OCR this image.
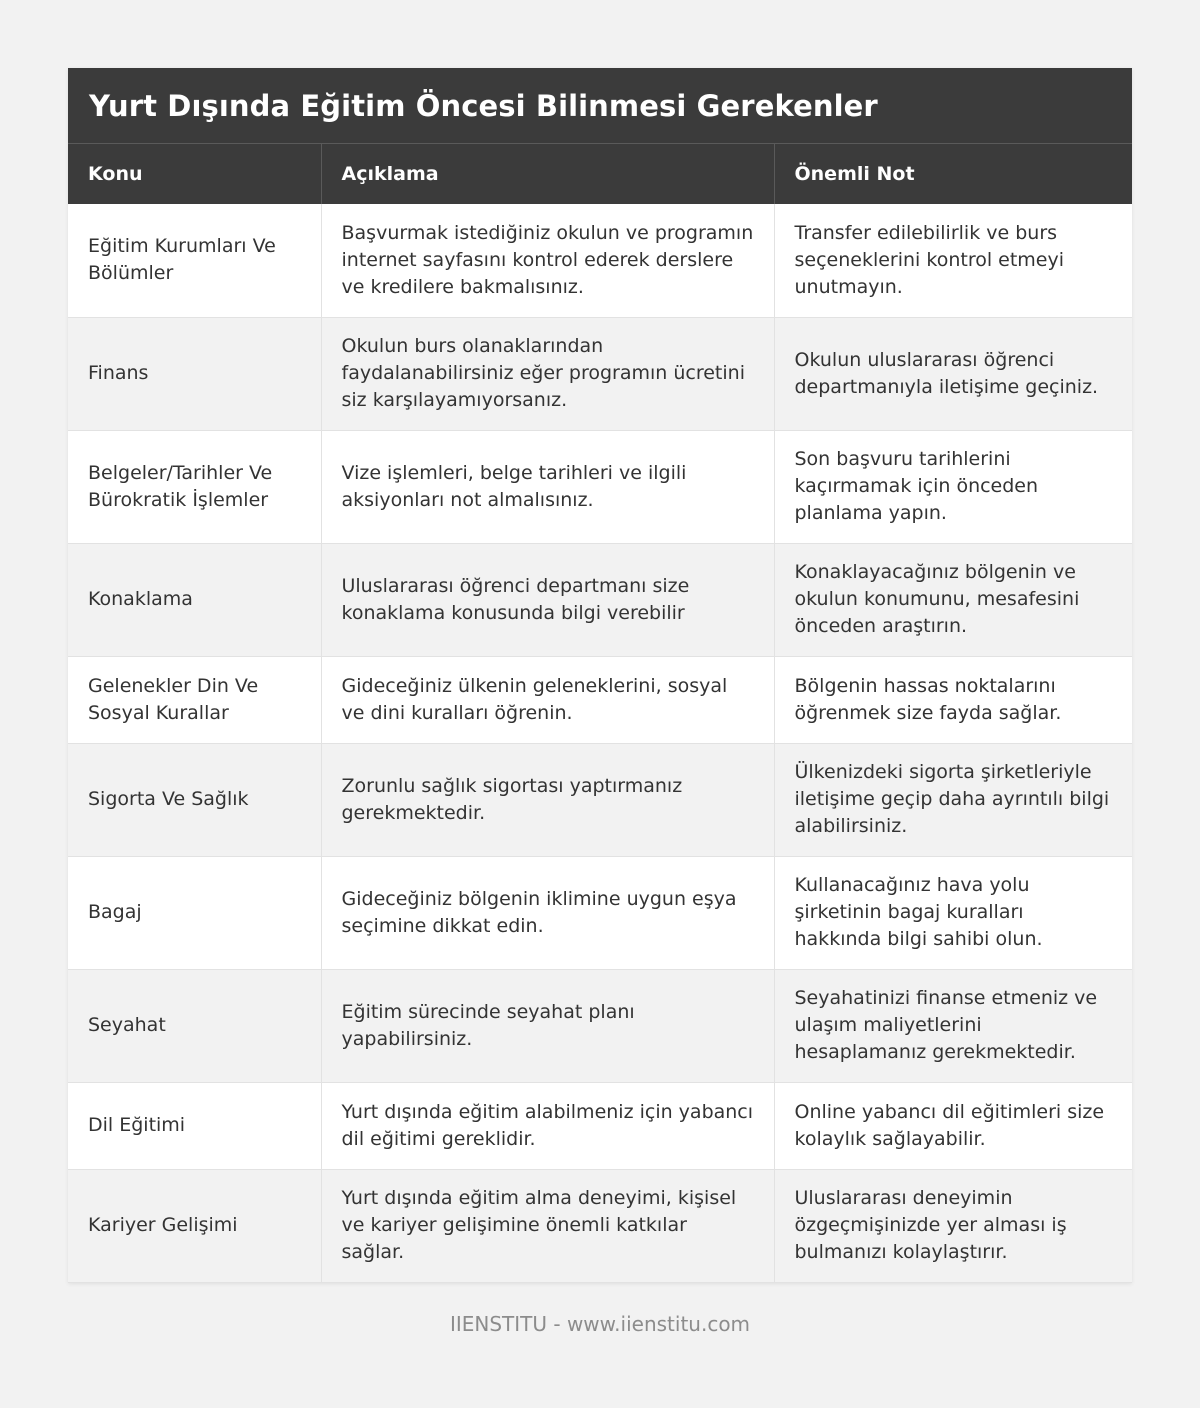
Yurt Dışında Eğitim Öncesi Bilinmesi Gerekenler
Konu	Açıklama	Önemli Not
Eğitim Kurumları Ve Bölümler	Başvurmak istediğiniz okulun ve programın internet sayfasını kontrol ederek derslere ve kredilere bakmalısınız.	Transfer edilebilirlik ve burs seçeneklerini kontrol etmeyi unutmayın.
Finans	Okulun burs olanaklarından faydalanabilirsiniz eğer programın ücretini siz karşılayamıyorsanız.	Okulun uluslararası öğrenci departmanıyla iletişime geçiniz.
Belgeler/Tarihler Ve Bürokratik İşlemler	Vize işlemleri, belge tarihleri ve ilgili aksiyonları not almalısınız.	Son başvuru tarihlerini kaçırmamak için önceden planlama yapın.
Konaklama	Uluslararası öğrenci departmanı size konaklama konusunda bilgi verebilir	Konaklayacağınız bölgenin ve okulun konumunu, mesafesini önceden araştırın.
Gelenekler Din Ve Sosyal Kurallar	Gideceğiniz ülkenin geleneklerini, sosyal ve dini kuralları öğrenin.	Bölgenin hassas noktalarını öğrenmek size fayda sağlar.
Sigorta Ve Sağlık	Zorunlu sağlık sigortası yaptırmanız gerekmektedir.	Ülkenizdeki sigorta şirketleriyle iletişime geçip daha ayrıntılı bilgi alabilirsiniz.
Bagaj	Gideceğiniz bölgenin iklimine uygun eşya seçimine dikkat edin.	Kullanacağınız hava yolu şirketinin bagaj kuralları hakkında bilgi sahibi olun.
Seyahat	Eğitim sürecinde seyahat planı yapabilirsiniz.	Seyahatinizi finanse etmeniz ve ulaşım maliyetlerini hesaplamanız gerekmektedir.
Dil Eğitimi	Yurt dışında eğitim alabilmeniz için yabancı dil eğitimi gereklidir.	Online yabancı dil eğitimleri size kolaylık sağlayabilir.
Kariyer Gelişimi	Yurt dışında eğitim alma deneyimi, kişisel ve kariyer gelişimine önemli katkılar sağlar.	Uluslararası deneyimin özgeçmişinizde yer alması iş bulmanızı kolaylaştırır.
IIENSTITU - www.iienstitu.com
